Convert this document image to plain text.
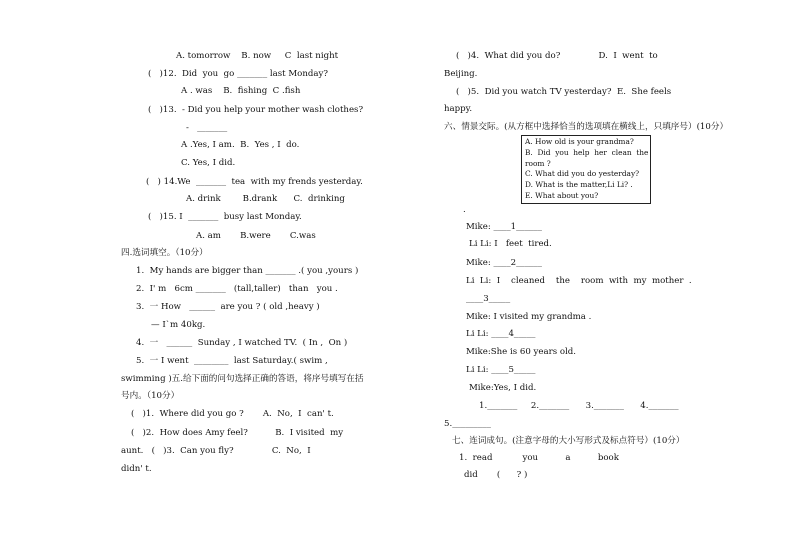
A. tomorrow    B. now     C  last night
(   )12.  Did  you  go _______ last Monday?
A . was    B.  fishing  C .fish
(   )13.  - Did you help your mother wash clothes?
-   _______
A .Yes, I am.  B.  Yes , I  do.
C. Yes, I did.
(   ) 14.We  _______  tea  with my frends yesterday.
A. drink        B.drank      C.  drinking
(   )15. I  _______  busy last Monday.
A. am       B.were       C.was
四.选词填空。（10分）
1.  My hands are bigger than _______ .( you ,yours )
2.  I' m   6cm _______   (tall,taller)   than   you .
3.  一 How   ______  are you ? ( old ,heavy )
— I`m 40kg.
4.  一   ______  Sunday , I watched TV.  ( In ,  On )
5.  一 I went  ________  last Saturday.( swim ,
swimming )五.给下面的问句选择正确的答语，将序号填写在括
号内。（10分）
(   )1.  Where did you go ?       A.  No,  I  can' t.
(   )2.  How does Amy feel?          B.  I visited  my
aunt.   (   )3.  Can you fly?              C.  No,  I
didn' t.
(   )4.  What did you do?              D.  I  went  to
Beijing.
(   )5.  Did you watch TV yesterday?  E.  She feels
happy.
六、情景交际。(从方框中选择恰当的选项填在横线上，只填序号）(10分）
A. How old is your grandma?
B.  Did  you  help  her  clean  the
room ?
C. What did you do yesterday?
D. What is the matter,Li Li? .
E. What about you?
.
Mike: ____1______
Li Li: I   feet  tired.
Mike: ____2______
Li  Li:  I    cleaned    the    room  with  my  mother  .
____3_____
Mike: I visited my grandma .
Li Li: ____4_____
Mike:She is 60 years old.
Li Li: ____5_____
Mike:Yes, I did.
1._______     2._______      3._______      4._______
5._________
七、连词成句。(注意字母的大小写形式及标点符号）(10分）
1.  read           you          a          book
did       (      ? )
